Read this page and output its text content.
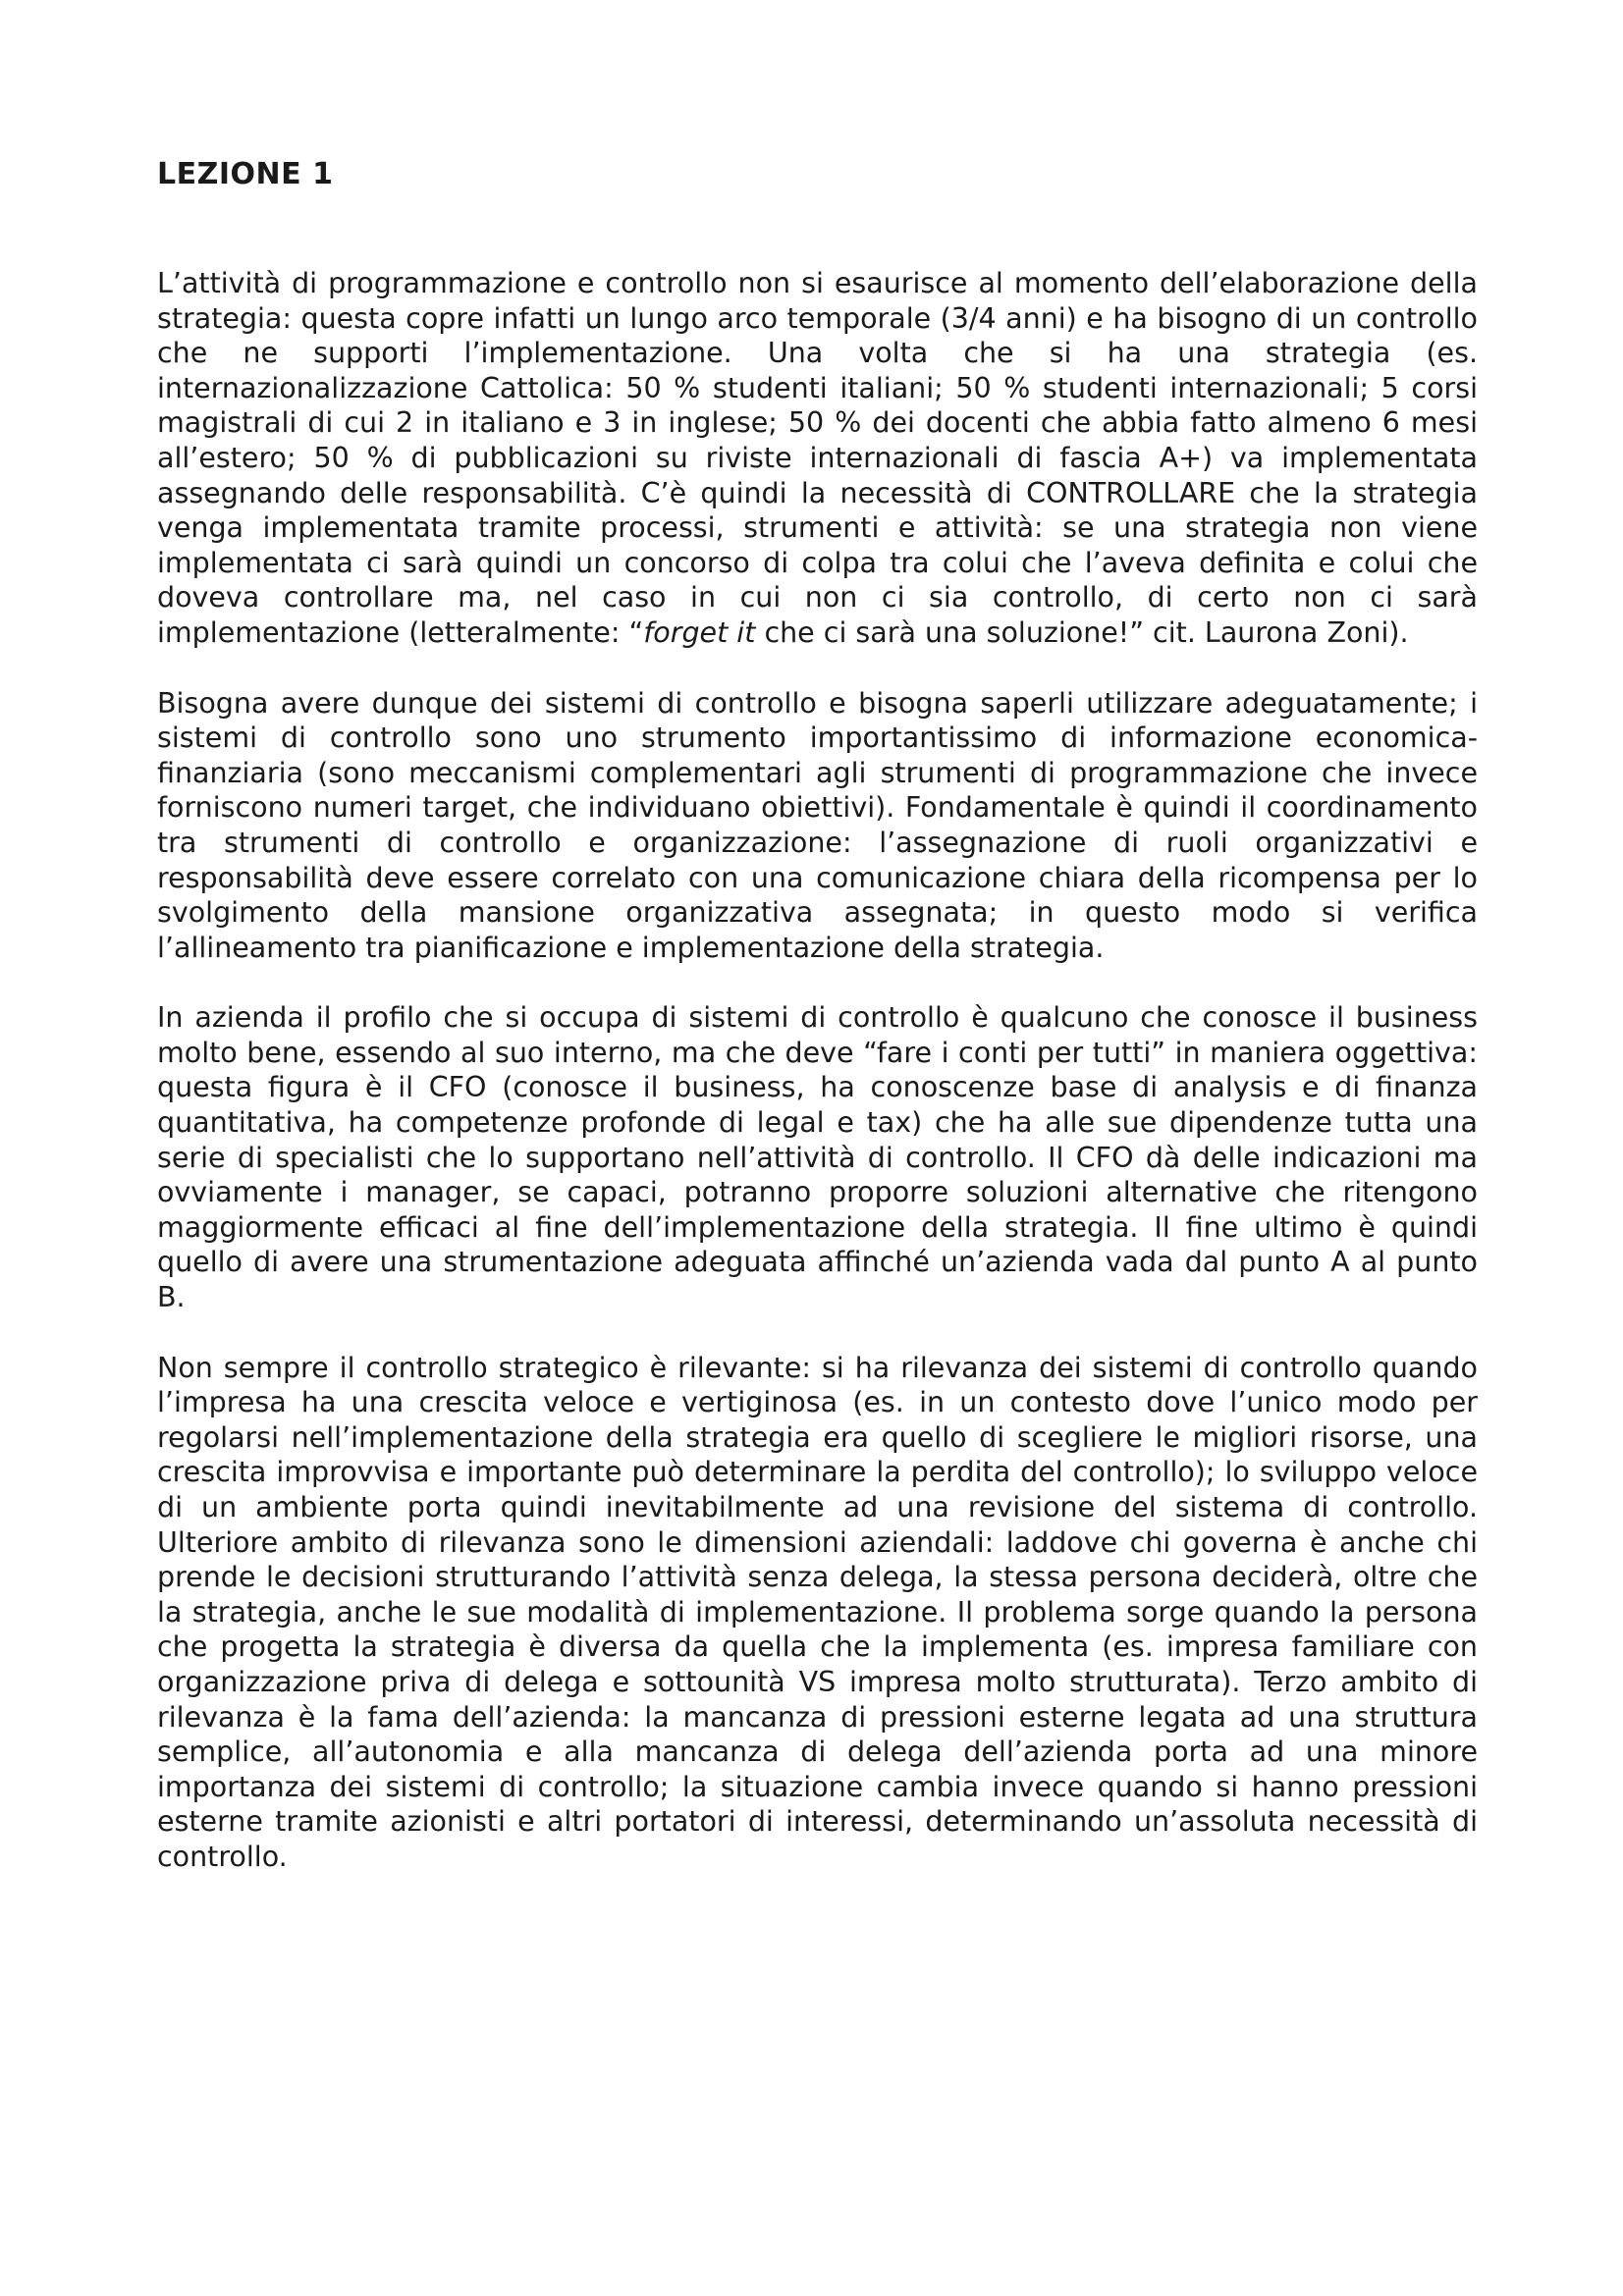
LEZIONE 1
L’attività di programmazione e controllo non si esaurisce al momento dell’elaborazione della strategia: questa copre infatti un lungo arco temporale (3/4 anni) e ha bisogno di un controllo che ne supporti l’implementazione. Una volta che si ha una strategia (es. internazionalizzazione Cattolica: 50 % studenti italiani; 50 % studenti internazionali; 5 corsi magistrali di cui 2 in italiano e 3 in inglese; 50 % dei docenti che abbia fatto almeno 6 mesi all’estero; 50 % di pubblicazioni su riviste internazionali di fascia A+) va implementata assegnando delle responsabilità. C’è quindi la necessità di CONTROLLARE che la strategia venga implementata tramite processi, strumenti e attività: se una strategia non viene implementata ci sarà quindi un concorso di colpa tra colui che l’aveva definita e colui che doveva controllare ma, nel caso in cui non ci sia controllo, di certo non ci sarà implementazione (letteralmente: “forget it che ci sarà una soluzione!” cit. Laurona Zoni).
Bisogna avere dunque dei sistemi di controllo e bisogna saperli utilizzare adeguatamente; i sistemi di controllo sono uno strumento importantissimo di informazione economica- finanziaria (sono meccanismi complementari agli strumenti di programmazione che invece forniscono numeri target, che individuano obiettivi). Fondamentale è quindi il coordinamento tra strumenti di controllo e organizzazione: l’assegnazione di ruoli organizzativi e responsabilità deve essere correlato con una comunicazione chiara della ricompensa per lo svolgimento della mansione organizzativa assegnata; in questo modo si verifica l’allineamento tra pianificazione e implementazione della strategia.
In azienda il profilo che si occupa di sistemi di controllo è qualcuno che conosce il business molto bene, essendo al suo interno, ma che deve “fare i conti per tutti” in maniera oggettiva: questa figura è il CFO (conosce il business, ha conoscenze base di analysis e di finanza quantitativa, ha competenze profonde di legal e tax) che ha alle sue dipendenze tutta una serie di specialisti che lo supportano nell’attività di controllo. Il CFO dà delle indicazioni ma ovviamente i manager, se capaci, potranno proporre soluzioni alternative che ritengono maggiormente efficaci al fine dell’implementazione della strategia. Il fine ultimo è quindi quello di avere una strumentazione adeguata affinché un’azienda vada dal punto A al punto B.
Non sempre il controllo strategico è rilevante: si ha rilevanza dei sistemi di controllo quando l’impresa ha una crescita veloce e vertiginosa (es. in un contesto dove l’unico modo per regolarsi nell’implementazione della strategia era quello di scegliere le migliori risorse, una crescita improvvisa e importante può determinare la perdita del controllo); lo sviluppo veloce di un ambiente porta quindi inevitabilmente ad una revisione del sistema di controllo. Ulteriore ambito di rilevanza sono le dimensioni aziendali: laddove chi governa è anche chi prende le decisioni strutturando l’attività senza delega, la stessa persona deciderà, oltre che la strategia, anche le sue modalità di implementazione. Il problema sorge quando la persona che progetta la strategia è diversa da quella che la implementa (es. impresa familiare con organizzazione priva di delega e sottounità VS impresa molto strutturata). Terzo ambito di rilevanza è la fama dell’azienda: la mancanza di pressioni esterne legata ad una struttura semplice, all’autonomia e alla mancanza di delega dell’azienda porta ad una minore importanza dei sistemi di controllo; la situazione cambia invece quando si hanno pressioni esterne tramite azionisti e altri portatori di interessi, determinando un’assoluta necessità di controllo.
